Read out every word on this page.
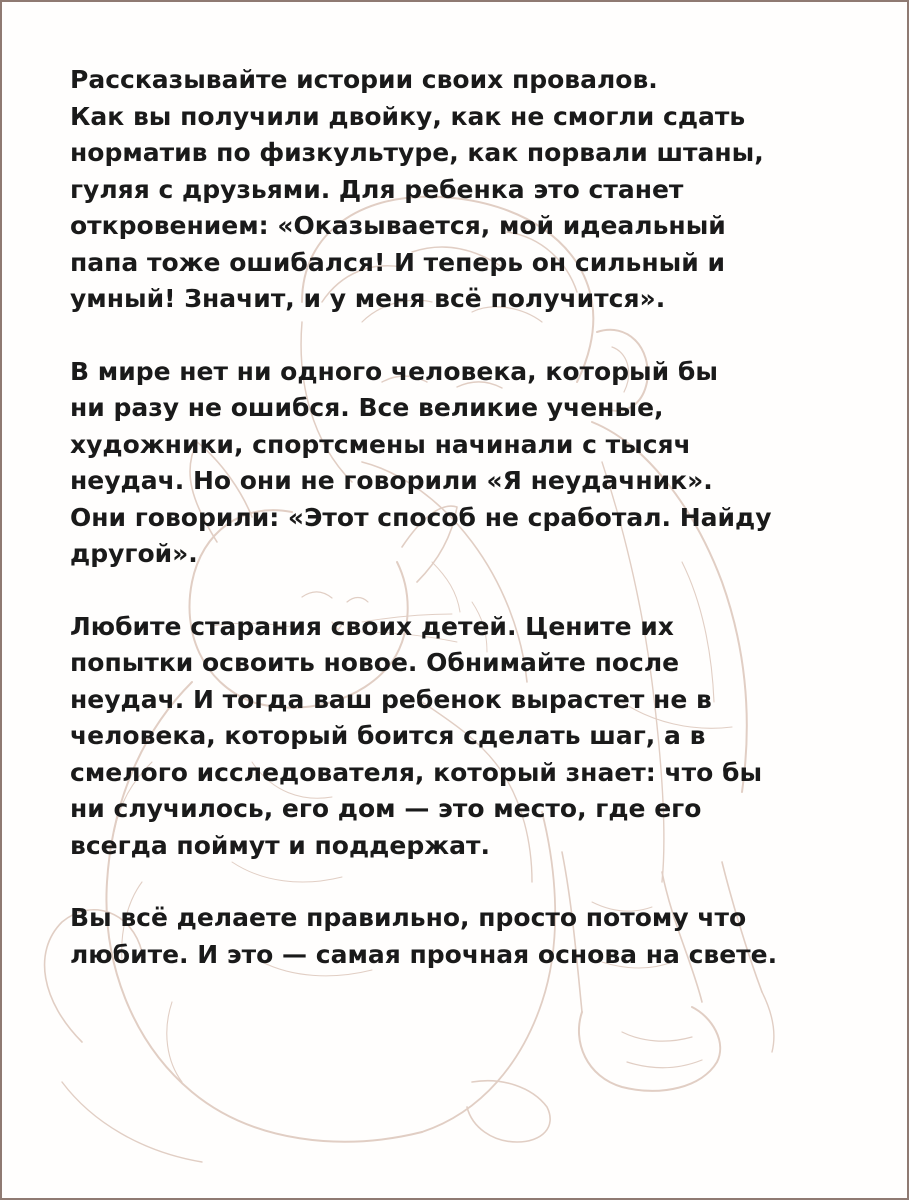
Рассказывайте истории своих провалов.
Как вы получили двойку, как не смогли сдать
норматив по физкультуре, как порвали штаны,
гуляя с друзьями. Для ребенка это станет
откровением: «Оказывается, мой идеальный
папа тоже ошибался! И теперь он сильный и
умный! Значит, и у меня всё получится».

В мире нет ни одного человека, который бы
ни разу не ошибся. Все великие ученые,
художники, спортсмены начинали с тысяч
неудач. Но они не говорили «Я неудачник».
Они говорили: «Этот способ не сработал. Найду
другой».

Любите старания своих детей. Цените их
попытки освоить новое. Обнимайте после
неудач. И тогда ваш ребенок вырастет не в
человека, который боится сделать шаг, а в
смелого исследователя, который знает: что бы
ни случилось, его дом — это место, где его
всегда поймут и поддержат.

Вы всё делаете правильно, просто потому что
любите. И это — самая прочная основа на свете.
